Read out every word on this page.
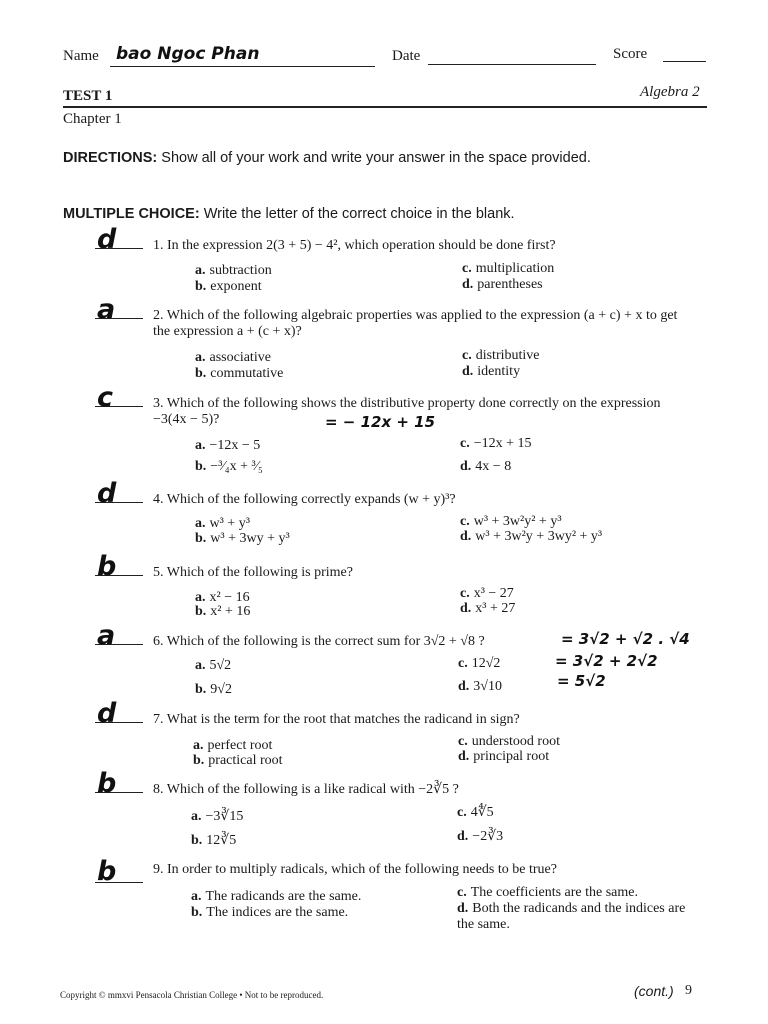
Name bao Ngoc Phan	Date	Score
TEST 1	Algebra 2
Chapter 1
DIRECTIONS: Show all of your work and write your answer in the space provided.
MULTIPLE CHOICE: Write the letter of the correct choice in the blank.
d	1. In the expression 2(3 + 5) − 4², which operation should be done first?
a. subtraction
b. exponent
c. multiplication
d. parentheses
a	2. Which of the following algebraic properties was applied to the expression (a + c) + x to get the expression a + (c + x)?
a. associative
b. commutative
c. distributive
d. identity
c	3. Which of the following shows the distributive property done correctly on the expression −3(4x − 5)?	= − 12x + 15
a. −12x − 5
b. −³⁄₄x + ³⁄₅
c. −12x + 15
d. 4x − 8
d	4. Which of the following correctly expands (w + y)³?
a. w³ + y³
b. w³ + 3wy + y³
c. w³ + 3w²y² + y³
d. w³ + 3w²y + 3wy² + y³
b	5. Which of the following is prime?
a. x² − 16
b. x² + 16
c. x³ − 27
d. x³ + 27
a	6. Which of the following is the correct sum for 3√2 + √8 ?	= 3√2 + √2 . √4
= 3√2 + 2√2
= 5√2
a. 5√2
b. 9√2
c. 12√2
d. 3√10
d	7. What is the term for the root that matches the radicand in sign?
a. perfect root
b. practical root
c. understood root
d. principal root
b	8. Which of the following is a like radical with −2∛5 ?
a. −3∛15
b. 12∛5
c. 4∜5
d. −2∛3
b	9. In order to multiply radicals, which of the following needs to be true?
a. The radicands are the same.
b. The indices are the same.
c. The coefficients are the same.
d. Both the radicands and the indices are the same.
Copyright © mmxvi Pensacola Christian College • Not to be reproduced.	(cont.) 9
